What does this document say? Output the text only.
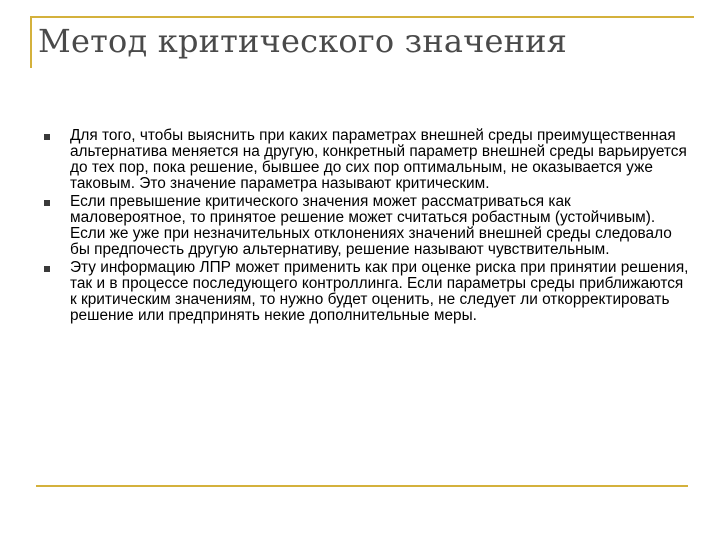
Метод критического значения
Для того, чтобы выяснить при каких параметрах внешней среды преимущественная альтернатива меняется на другую, конкретный параметр внешней среды варьируется до тех пор, пока решение, бывшее до сих пор оптимальным, не оказывается уже таковым. Это значение параметра называют критическим.
Если превышение критического значения может рассматриваться как маловероятное, то принятое решение может считаться робастным (устойчивым). Если же уже при незначительных отклонениях значений внешней среды следовало бы предпочесть другую альтернативу, решение называют чувствительным.
Эту информацию ЛПР может применить как при оценке риска при принятии решения, так и в процессе последующего контроллинга. Если параметры среды приближаются к критическим значениям, то нужно будет оценить, не следует ли откорректировать решение или предпринять некие дополнительные меры.
